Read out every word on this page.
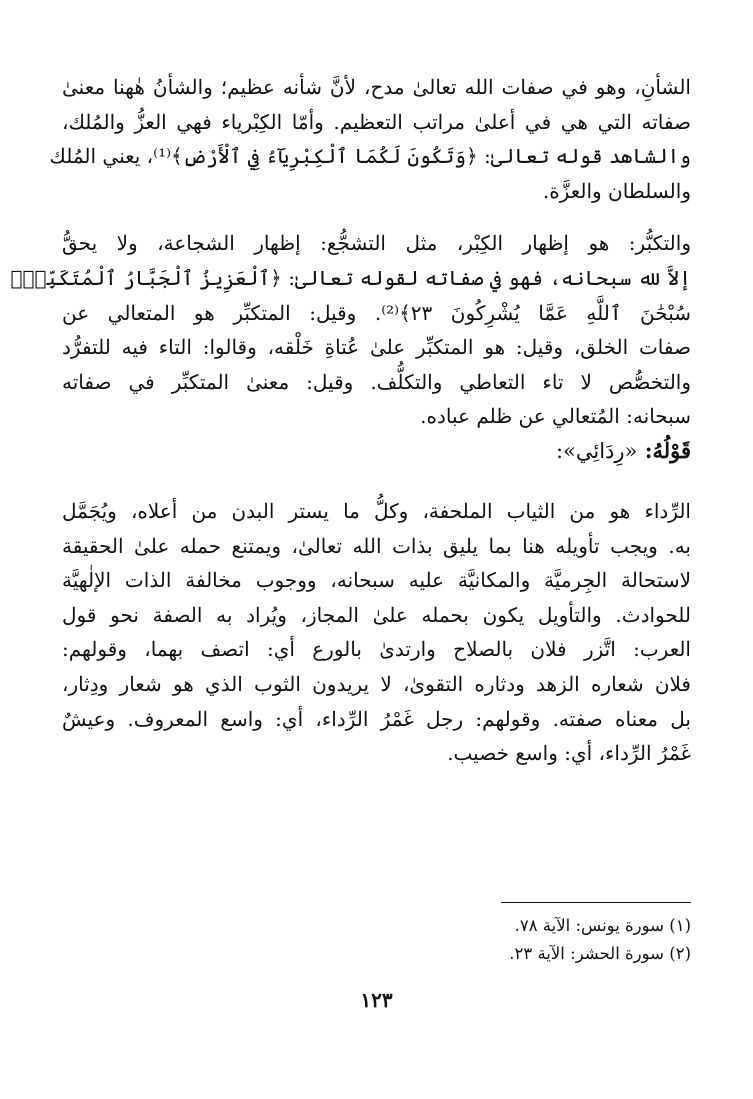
الشأنِ، وهو في صفات الله تعالىٰ مدح، لأنَّ شأنه عظيم؛ والشأنُ هٰهنا معنىٰ
صفاته التي هي في أعلىٰ مراتب التعظيم. وأمّا الكِبْرياء فهي العزُّ والمُلك،
والشاهد قوله تعالىٰ: ﴿وَتَكُونَ لَكُمَا ٱلْكِبْرِيَآءُ فِي ٱلْأَرْضِ﴾⁽¹⁾، يعني المُلك
والسلطان والعزَّة.

والتكبُّر: هو إظهار الكِبْر، مثل التشجُّع: إظهار الشجاعة، ولا يحقُّ
إلاَّ لله سبحانه، فهو في صفاته لقوله تعالىٰ: ﴿ٱلْعَزِيزُ ٱلْجَبَّارُ ٱلْمُتَكَبِّرُۚ
سُبْحَٰنَ ٱللَّهِ عَمَّا يُشْرِكُونَ ٢٣﴾⁽²⁾. وقيل: المتكبِّر هو المتعالي عن
صفات الخلق، وقيل: هو المتكبِّر علىٰ عُتاةِ خَلْقه، وقالوا: التاء فيه للتفرُّد
والتخصُّص لا تاء التعاطي والتكلُّف. وقيل: معنىٰ المتكبِّر في صفاته
سبحانه: المُتعالي عن ظلم عباده.

قَوْلُهُ: «رِدَائِي»:

الرِّداء هو من الثياب الملحفة، وكلُّ ما يستر البدن من أعلاه، ويُجَمَّل
به. ويجب تأويله هنا بما يليق بذات الله تعالىٰ، ويمتنع حمله علىٰ الحقيقة
لاستحالة الجِرميَّة والمكانيَّة عليه سبحانه، ووجوب مخالفة الذات الإلٰهيَّة
للحوادث. والتأويل يكون بحمله علىٰ المجاز، ويُراد به الصفة نحو قول
العرب: اتَّزر فلان بالصلاح وارتدىٰ بالورع أي: اتصف بهما، وقولهم:
فلان شعاره الزهد ودثاره التقوىٰ، لا يريدون الثوب الذي هو شعار ودِثار،
بل معناه صفته. وقولهم: رجل غَمْرُ الرِّداء، أي: واسع المعروف. وعيشٌ
غَمْرُ الرِّداء، أي: واسع خصيب.

(١) سورة يونس: الآية ٧٨.
(٢) سورة الحشر: الآية ٢٣.
١٢٣
